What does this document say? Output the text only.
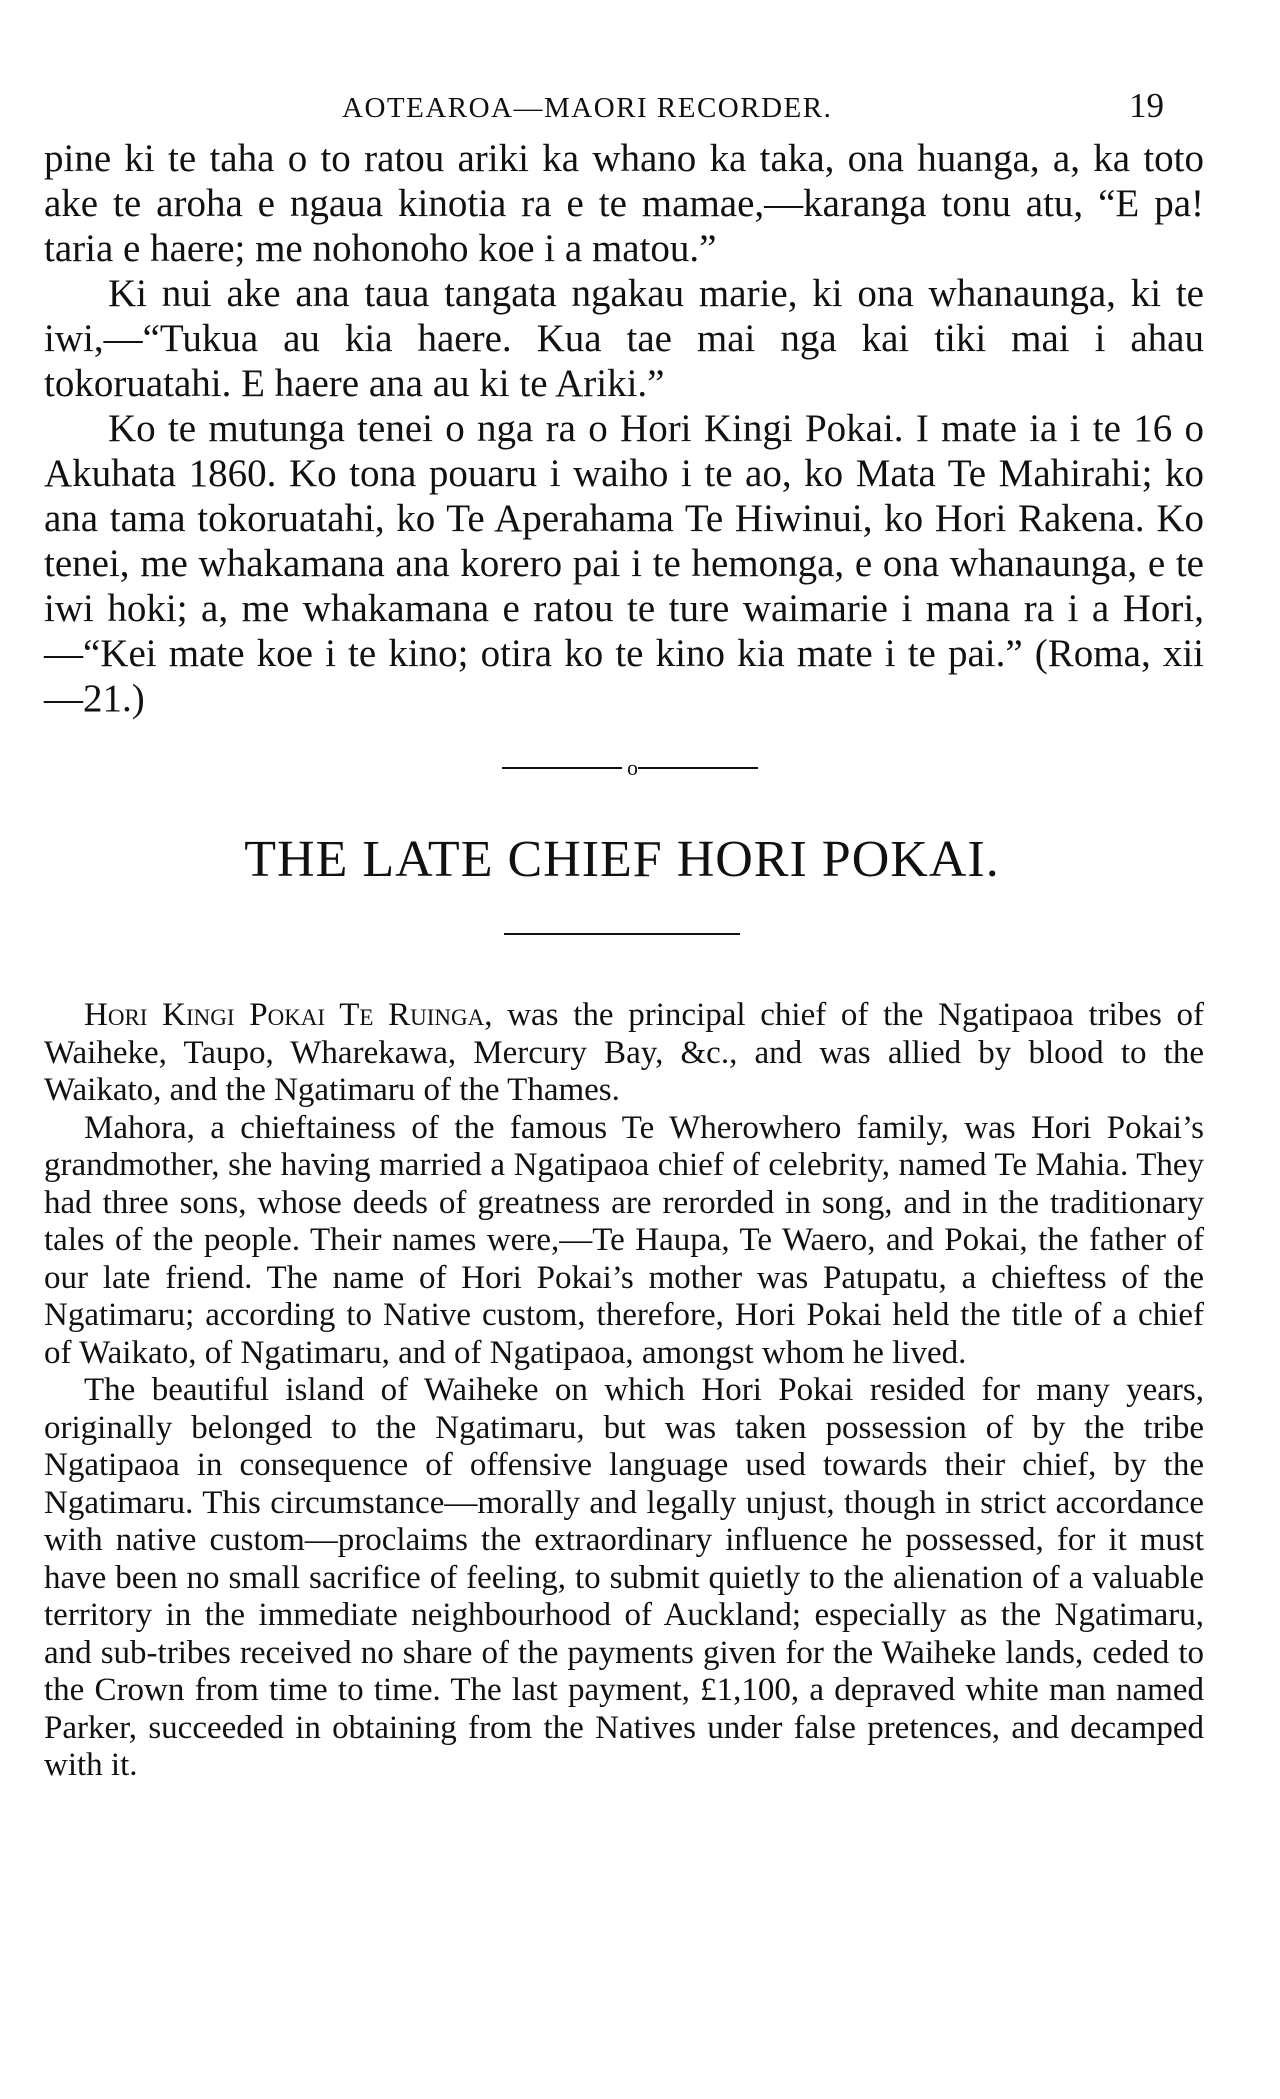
AOTEAROA—MAORI RECORDER.	19

pine ki te taha o to ratou ariki ka whano ka taka, ona huanga, a, ka toto ake te aroha e ngaua kinotia ra e te mamae,—karanga tonu atu, “E pa! taria e haere; me nohonoho koe i a matou.”

Ki nui ake ana taua tangata ngakau marie, ki ona whanaunga, ki te iwi,—“Tukua au kia haere. Kua tae mai nga kai tiki mai i ahau tokoruatahi. E haere ana au ki te Ariki.”

Ko te mutunga tenei o nga ra o Hori Kingi Pokai. I mate ia i te 16 o Akuhata 1860. Ko tona pouaru i waiho i te ao, ko Mata Te Mahirahi; ko ana tama tokoruatahi, ko Te Aperahama Te Hiwinui, ko Hori Rakena. Ko tenei, me whakamana ana korero pai i te hemonga, e ona whanaunga, e te iwi hoki; a, me whakamana e ratou te ture waimarie i mana ra i a Hori,—“Kei mate koe i te kino; otira ko te kino kia mate i te pai.” (Roma, xii—21.)

o
THE LATE CHIEF HORI POKAI.

Hori Kingi Pokai Te Ruinga, was the principal chief of the Ngatipaoa tribes of Waiheke, Taupo, Wharekawa, Mercury Bay, &c., and was allied by blood to the Waikato, and the Ngatimaru of the Thames.

Mahora, a chieftainess of the famous Te Wherowhero family, was Hori Pokai’s grandmother, she having married a Ngatipaoa chief of celebrity, named Te Mahia. They had three sons, whose deeds of greatness are rerorded in song, and in the traditionary tales of the people. Their names were,—Te Haupa, Te Waero, and Pokai, the father of our late friend. The name of Hori Pokai’s mother was Patupatu, a chieftess of the Ngatimaru; according to Native custom, therefore, Hori Pokai held the title of a chief of Waikato, of Ngatimaru, and of Ngatipaoa, amongst whom he lived.

The beautiful island of Waiheke on which Hori Pokai resided for many years, originally belonged to the Ngatimaru, but was taken possession of by the tribe Ngatipaoa in consequence of offensive language used towards their chief, by the Ngatimaru. This circumstance—morally and legally unjust, though in strict accordance with native custom—proclaims the extraordinary influence he possessed, for it must have been no small sacrifice of feeling, to submit quietly to the alienation of a valuable territory in the immediate neighbourhood of Auckland; especially as the Ngatimaru, and sub-tribes received no share of the payments given for the Waiheke lands, ceded to the Crown from time to time. The last payment, £1,100, a depraved white man named Parker, succeeded in obtaining from the Natives under false pretences, and decamped with it.
